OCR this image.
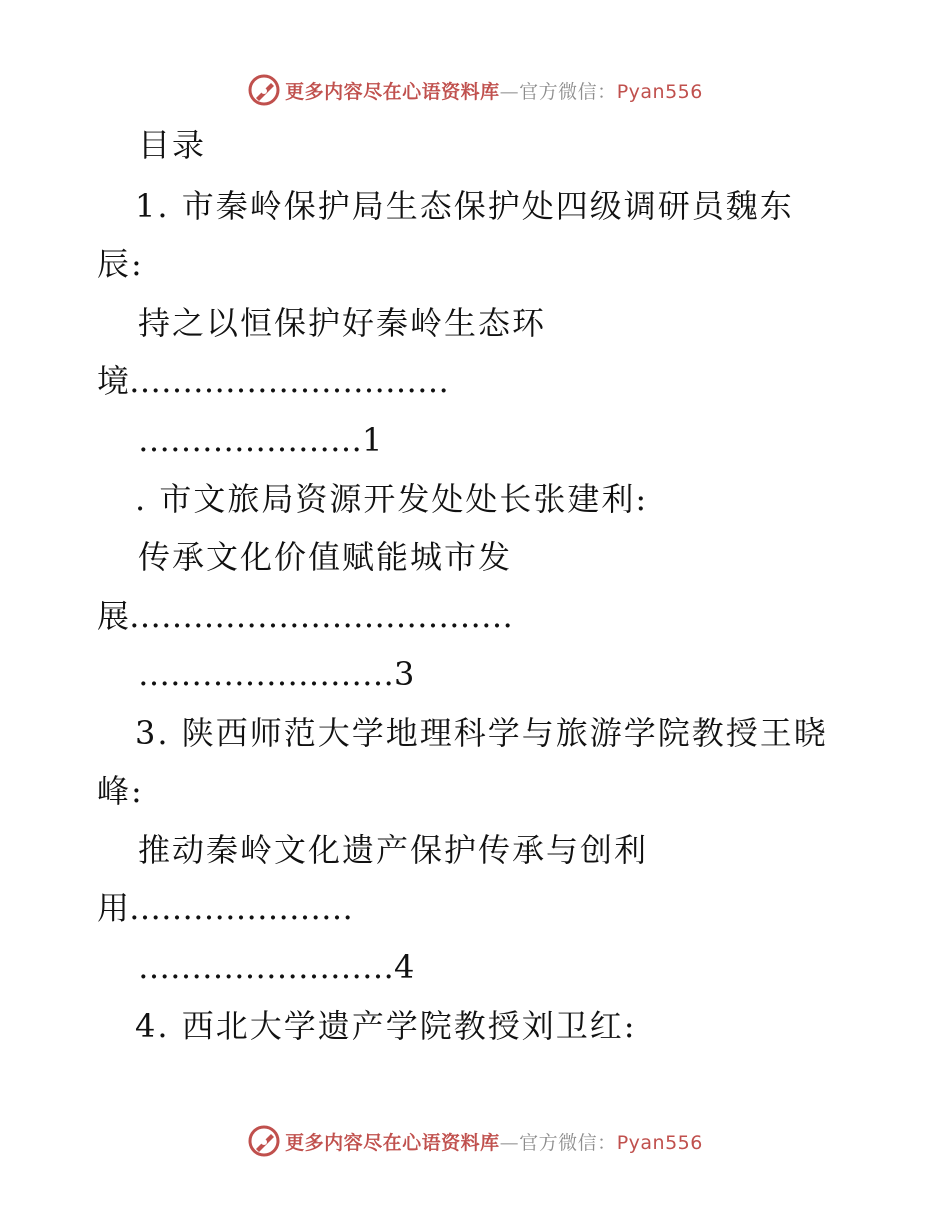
更多内容尽在心语资料库—官方微信：Pyan556
目录
1. 市秦岭保护局生态保护处四级调研员魏东
辰:
持之以恒保护好秦岭生态环
境…………………………
…………………1
. 市文旅局资源开发处处长张建利:
传承文化价值赋能城市发
展………………………………
……………………3
3. 陕西师范大学地理科学与旅游学院教授王晓
峰:
推动秦岭文化遗产保护传承与创利
用…………………
……………………4
4. 西北大学遗产学院教授刘卫红:
更多内容尽在心语资料库—官方微信：Pyan556
